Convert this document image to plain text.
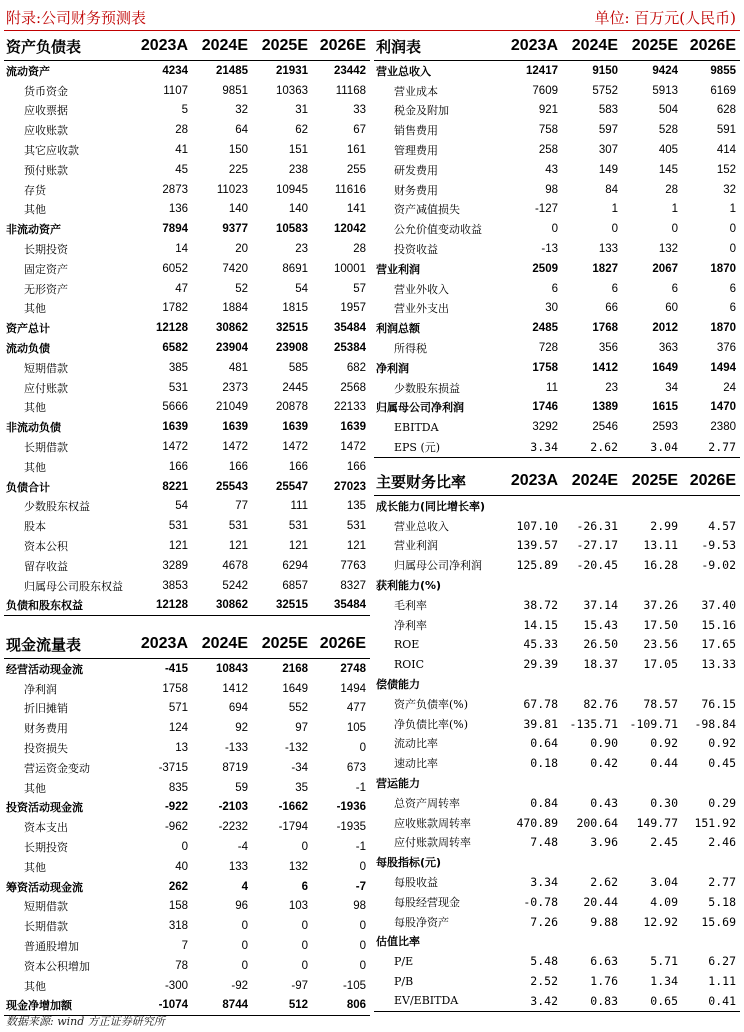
附录:公司财务预测表	单位: 百万元(人民币)
资产负债表	2023A	2024E	2025E	2026E
流动资产	4234	21485	21931	23442
货币资金	1107	9851	10363	11168
应收票据	5	32	31	33
应收账款	28	64	62	67
其它应收款	41	150	151	161
预付账款	45	225	238	255
存货	2873	11023	10945	11616
其他	136	140	140	141
非流动资产	7894	9377	10583	12042
长期投资	14	20	23	28
固定资产	6052	7420	8691	10001
无形资产	47	52	54	57
其他	1782	1884	1815	1957
资产总计	12128	30862	32515	35484
流动负债	6582	23904	23908	25384
短期借款	385	481	585	682
应付账款	531	2373	2445	2568
其他	5666	21049	20878	22133
非流动负债	1639	1639	1639	1639
长期借款	1472	1472	1472	1472
其他	166	166	166	166
负债合计	8221	25543	25547	27023
少数股东权益	54	77	111	135
股本	531	531	531	531
资本公积	121	121	121	121
留存收益	3289	4678	6294	7763
归属母公司股东权益	3853	5242	6857	8327
负债和股东权益	12128	30862	32515	35484
现金流量表	2023A	2024E	2025E	2026E
经营活动现金流	-415	10843	2168	2748
净利润	1758	1412	1649	1494
折旧摊销	571	694	552	477
财务费用	124	92	97	105
投资损失	13	-133	-132	0
营运资金变动	-3715	8719	-34	673
其他	835	59	35	-1
投资活动现金流	-922	-2103	-1662	-1936
资本支出	-962	-2232	-1794	-1935
长期投资	0	-4	0	-1
其他	40	133	132	0
筹资活动现金流	262	4	6	-7
短期借款	158	96	103	98
长期借款	318	0	0	0
普通股增加	7	0	0	0
资本公积增加	78	0	0	0
其他	-300	-92	-97	-105
现金净增加额	-1074	8744	512	806
利润表	2023A	2024E	2025E	2026E
营业总收入	12417	9150	9424	9855
营业成本	7609	5752	5913	6169
税金及附加	921	583	504	628
销售费用	758	597	528	591
管理费用	258	307	405	414
研发费用	43	149	145	152
财务费用	98	84	28	32
资产减值损失	-127	1	1	1
公允价值变动收益	0	0	0	0
投资收益	-13	133	132	0
营业利润	2509	1827	2067	1870
营业外收入	6	6	6	6
营业外支出	30	66	60	6
利润总额	2485	1768	2012	1870
所得税	728	356	363	376
净利润	1758	1412	1649	1494
少数股东损益	11	23	34	24
归属母公司净利润	1746	1389	1615	1470
EBITDA	3292	2546	2593	2380
EPS (元)	3.34	2.62	3.04	2.77
主要财务比率	2023A	2024E	2025E	2026E
成长能力(同比增长率)				
营业总收入	107.10	-26.31	2.99	4.57
营业利润	139.57	-27.17	13.11	-9.53
归属母公司净利润	125.89	-20.45	16.28	-9.02
获利能力(%)				
毛利率	38.72	37.14	37.26	37.40
净利率	14.15	15.43	17.50	15.16
ROE	45.33	26.50	23.56	17.65
ROIC	29.39	18.37	17.05	13.33
偿债能力				
资产负债率(%)	67.78	82.76	78.57	76.15
净负债比率(%)	39.81	-135.71	-109.71	-98.84
流动比率	0.64	0.90	0.92	0.92
速动比率	0.18	0.42	0.44	0.45
营运能力				
总资产周转率	0.84	0.43	0.30	0.29
应收账款周转率	470.89	200.64	149.77	151.92
应付账款周转率	7.48	3.96	2.45	2.46
每股指标(元)				
每股收益	3.34	2.62	3.04	2.77
每股经营现金	-0.78	20.44	4.09	5.18
每股净资产	7.26	9.88	12.92	15.69
估值比率				
P/E	5.48	6.63	5.71	6.27
P/B	2.52	1.76	1.34	1.11
EV/EBITDA	3.42	0.83	0.65	0.41
数据来源: wind 方正证券研究所
